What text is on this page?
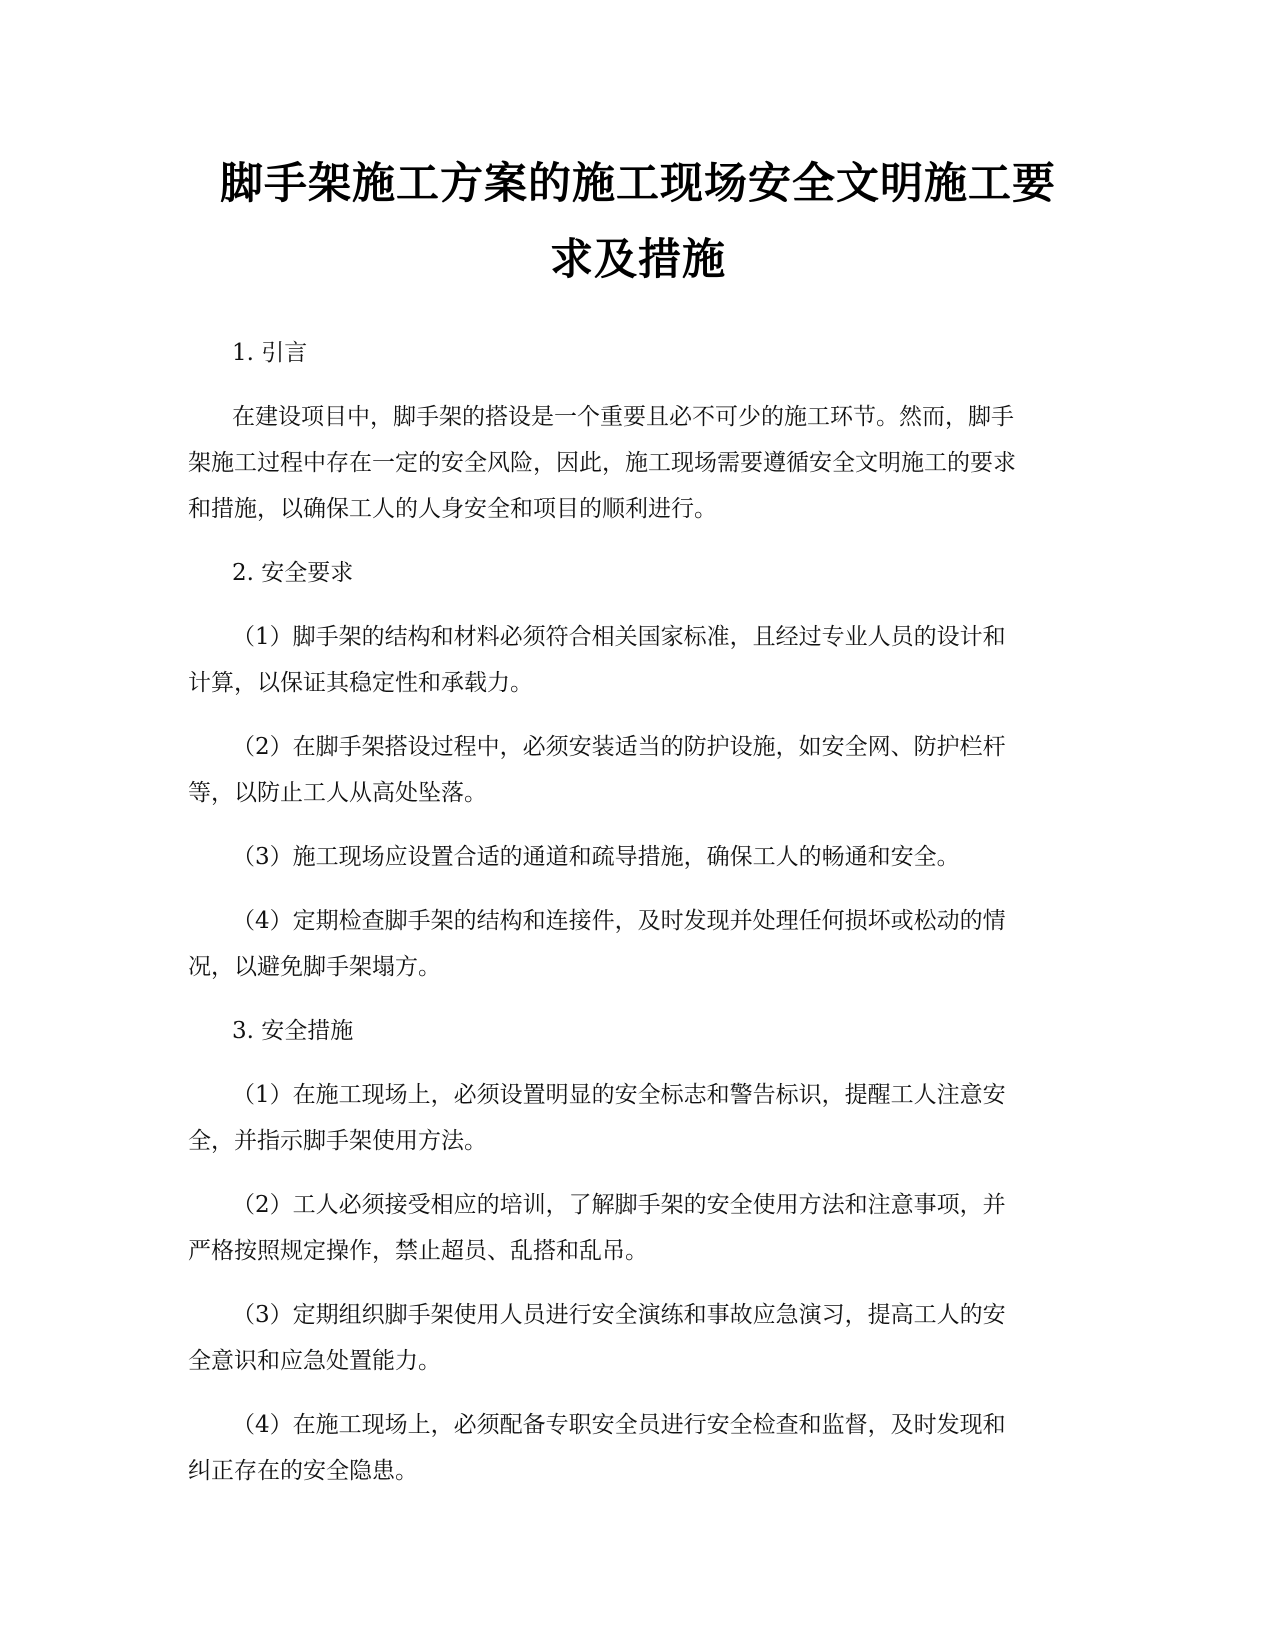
脚手架施工方案的施工现场安全文明施工要
求及措施

1. 引言

在建设项目中，脚手架的搭设是一个重要且必不可少的施工环节。然而，脚手
架施工过程中存在一定的安全风险，因此，施工现场需要遵循安全文明施工的要求
和措施，以确保工人的人身安全和项目的顺利进行。

2. 安全要求

（1）脚手架的结构和材料必须符合相关国家标准，且经过专业人员的设计和
计算，以保证其稳定性和承载力。

（2）在脚手架搭设过程中，必须安装适当的防护设施，如安全网、防护栏杆
等，以防止工人从高处坠落。

（3）施工现场应设置合适的通道和疏导措施，确保工人的畅通和安全。

（4）定期检查脚手架的结构和连接件，及时发现并处理任何损坏或松动的情
况，以避免脚手架塌方。

3. 安全措施

（1）在施工现场上，必须设置明显的安全标志和警告标识，提醒工人注意安
全，并指示脚手架使用方法。

（2）工人必须接受相应的培训，了解脚手架的安全使用方法和注意事项，并
严格按照规定操作，禁止超员、乱搭和乱吊。

（3）定期组织脚手架使用人员进行安全演练和事故应急演习，提高工人的安
全意识和应急处置能力。

（4）在施工现场上，必须配备专职安全员进行安全检查和监督，及时发现和
纠正存在的安全隐患。
